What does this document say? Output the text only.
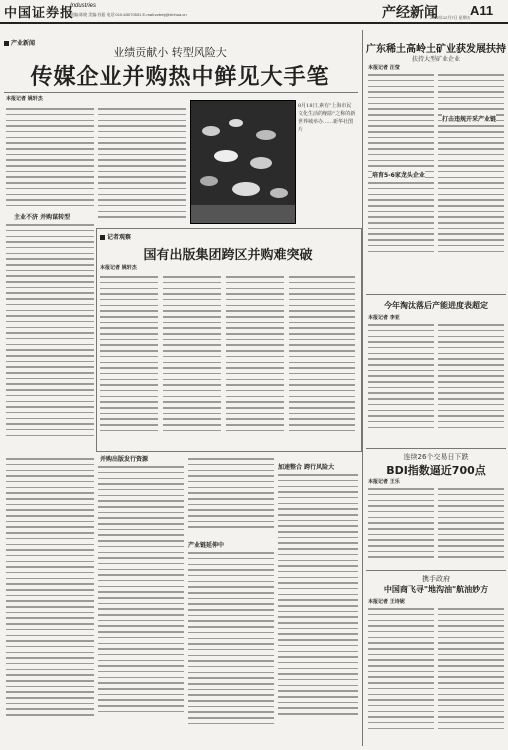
中国证券报
Industries
责编:陈晓 美编:苏振 电话:010-63070531 E-mail:zzbmj@xinhua.cn	产经新闻 A11
2012年12月7日 星期五
产业新闻
业绩贡献小 转型风险大
传媒企业并购热中鲜见大手笔
本报记者 姚轩杰
主业不济 并购谋转型
8月18日,素有"上海市民文化生活的缩影"之称的新世界城举办……新华社图片
记者观察
国有出版集团跨区并购难突破
本报记者 姚轩杰
并购出版发行资源
产业链延伸中
加速整合 跨行风险大
广东稀土高岭土矿业获发展扶持
扶持大型矿业企业
本报记者 汪莹
培育5-6家龙头企业
打击违规开采产业链
今年淘汰落后产能进度表超定
本报记者 李亚
连续26个交易日下跌
BDI指数逼近700点
本报记者 王乐
携手政府
中国商飞寻"地沟油"航油妙方
本报记者 王诗妮
